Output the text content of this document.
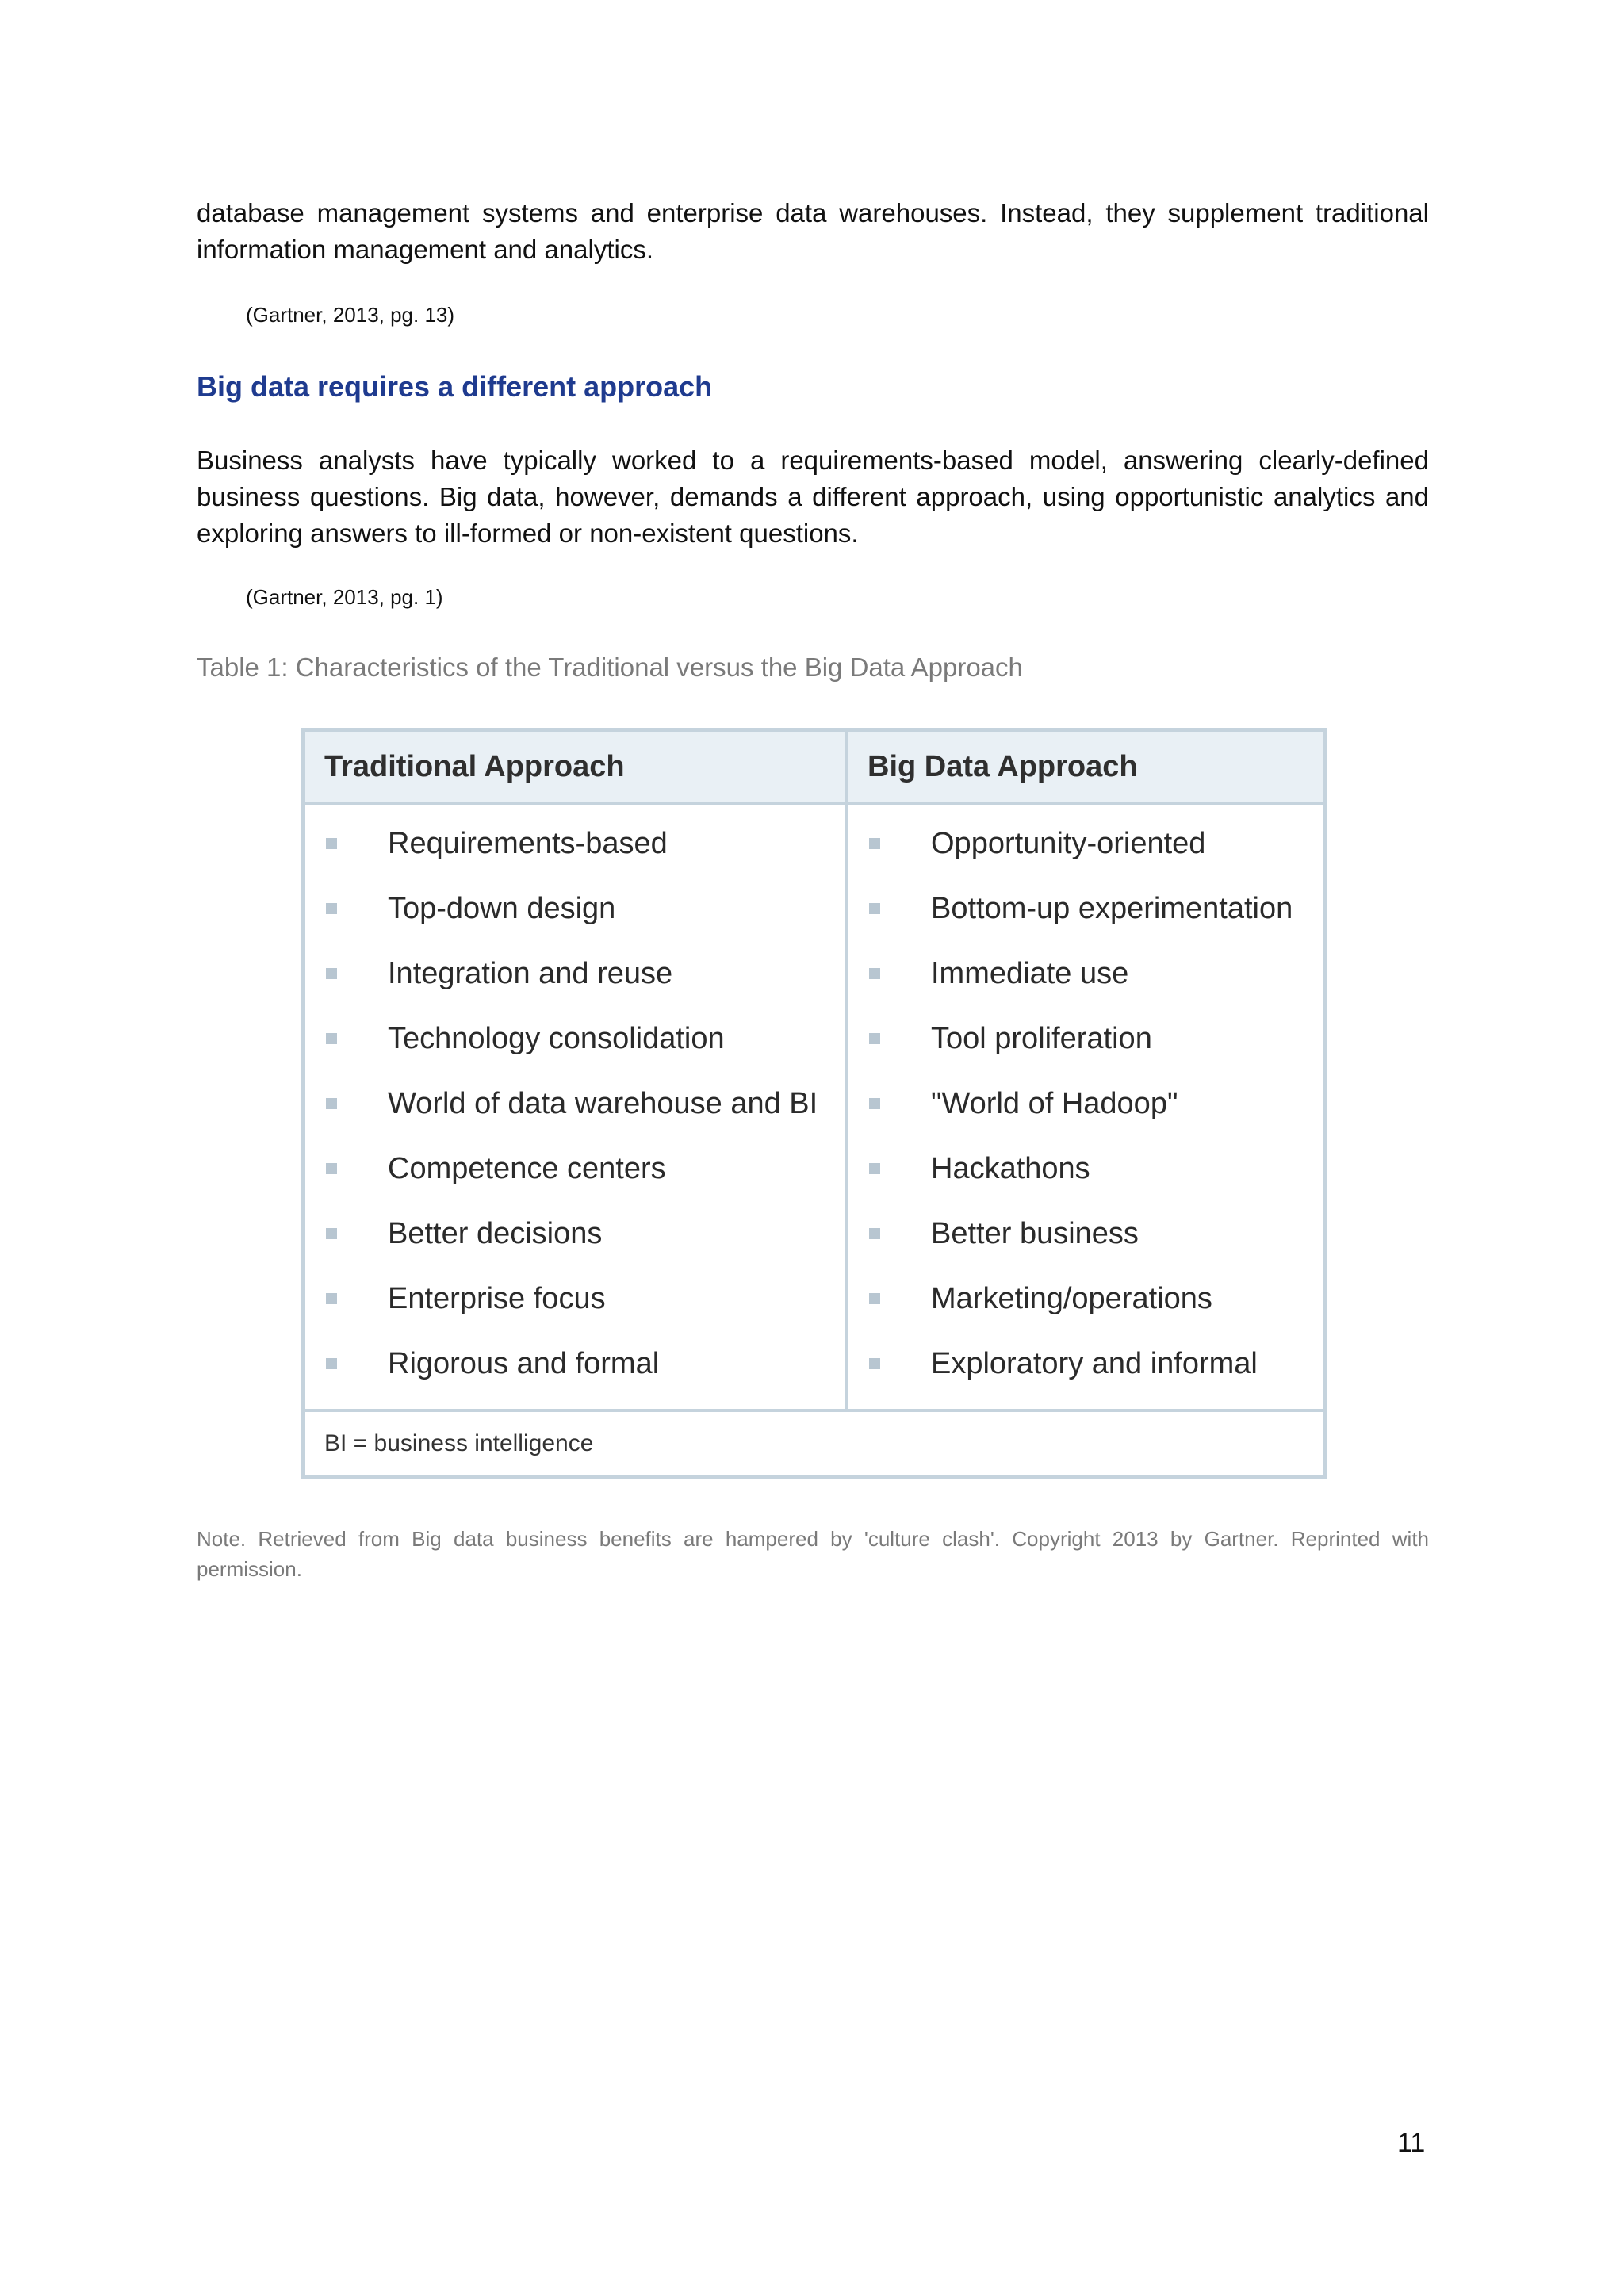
database management systems and enterprise data warehouses. Instead, they supplement traditional information management and analytics.
(Gartner, 2013, pg. 13)
Big data requires a different approach
Business analysts have typically worked to a requirements-based model, answering clearly-defined business questions. Big data, however, demands a different approach, using opportunistic analytics and exploring answers to ill-formed or non-existent questions.
(Gartner, 2013, pg. 1)
Table 1: Characteristics of the Traditional versus the Big Data Approach
Traditional Approach	Big Data Approach
Requirements-based
Top-down design
Integration and reuse
Technology consolidation
World of data warehouse and BI
Competence centers
Better decisions
Enterprise focus
Rigorous and formal
Opportunity-oriented
Bottom-up experimentation
Immediate use
Tool proliferation
"World of Hadoop"
Hackathons
Better business
Marketing/operations
Exploratory and informal
BI = business intelligence
Note. Retrieved from Big data business benefits are hampered by 'culture clash'. Copyright 2013 by Gartner. Reprinted with permission.
11
